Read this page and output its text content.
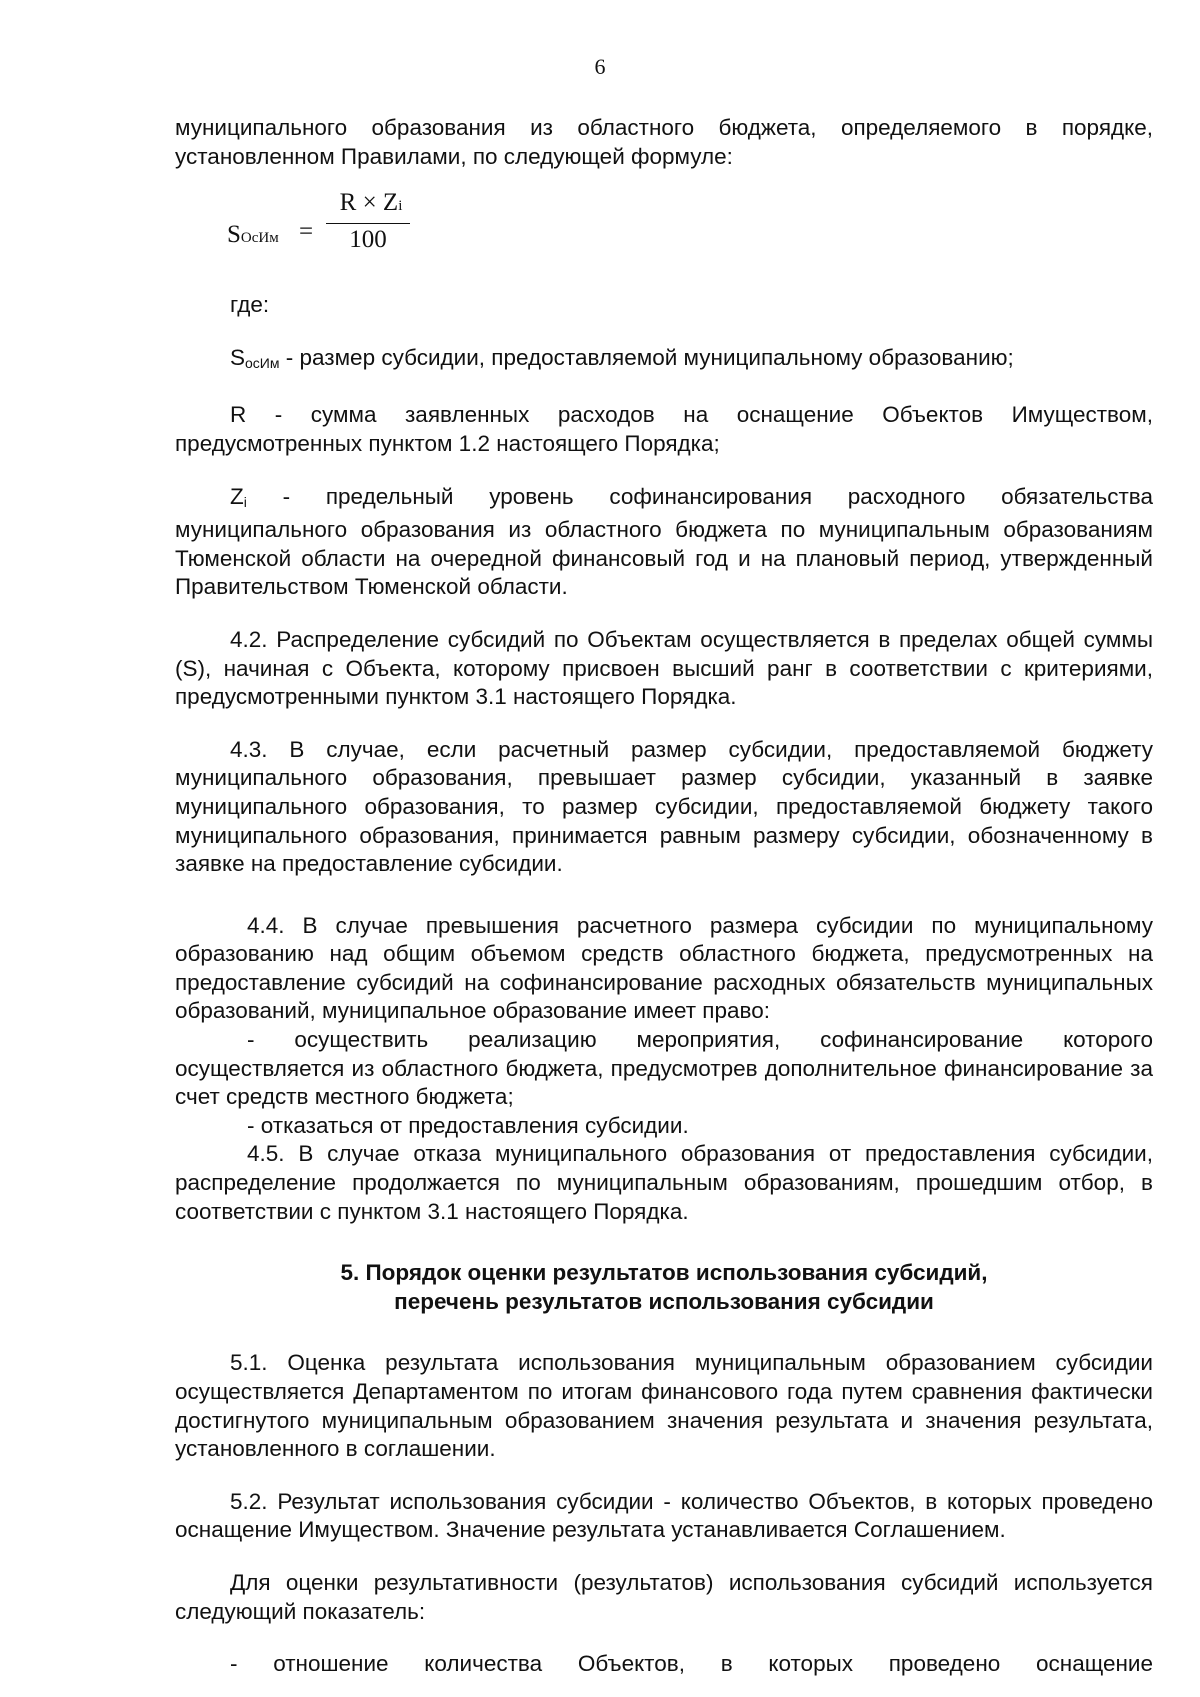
6

муниципального образования из областного бюджета, определяемого в порядке, установленном Правилами, по следующей формуле:

SОсИм =
R × Zi
100

где:

$S_{осИм}$ - размер субсидии, предоставляемой муниципальному образованию;

R - сумма заявленных расходов на оснащение Объектов Имуществом, предусмотренных пунктом 1.2 настоящего Порядка;

$Z_i$ - предельный уровень софинансирования расходного обязательства муниципального образования из областного бюджета по муниципальным образованиям Тюменской области на очередной финансовый год и на плановый период, утвержденный Правительством Тюменской области.

4.2. Распределение субсидий по Объектам осуществляется в пределах общей суммы (S), начиная с Объекта, которому присвоен высший ранг в соответствии с критериями, предусмотренными пунктом 3.1 настоящего Порядка.

4.3. В случае, если расчетный размер субсидии, предоставляемой бюджету муниципального образования, превышает размер субсидии, указанный в заявке муниципального образования, то размер субсидии, предоставляемой бюджету такого муниципального образования, принимается равным размеру субсидии, обозначенному в заявке на предоставление субсидии.

4.4. В случае превышения расчетного размера субсидии по муниципальному образованию над общим объемом средств областного бюджета, предусмотренных на предоставление субсидий на софинансирование расходных обязательств муниципальных образований, муниципальное образование имеет право:

- осуществить реализацию мероприятия, софинансирование которого осуществляется из областного бюджета, предусмотрев дополнительное финансирование за счет средств местного бюджета;

- отказаться от предоставления субсидии.

4.5. В случае отказа муниципального образования от предоставления субсидии, распределение продолжается по муниципальным образованиям, прошедшим отбор, в соответствии с пунктом 3.1 настоящего Порядка.

5. Порядок оценки результатов использования субсидий,

перечень результатов использования субсидии

5.1. Оценка результата использования муниципальным образованием субсидии осуществляется Департаментом по итогам финансового года путем сравнения фактически достигнутого муниципальным образованием значения результата и значения результата, установленного в соглашении.

5.2. Результат использования субсидии - количество Объектов, в которых проведено оснащение Имуществом. Значение результата устанавливается Соглашением.

Для оценки результативности (результатов) использования субсидий используется следующий показатель:

- отношение количества Объектов, в которых проведено оснащение
